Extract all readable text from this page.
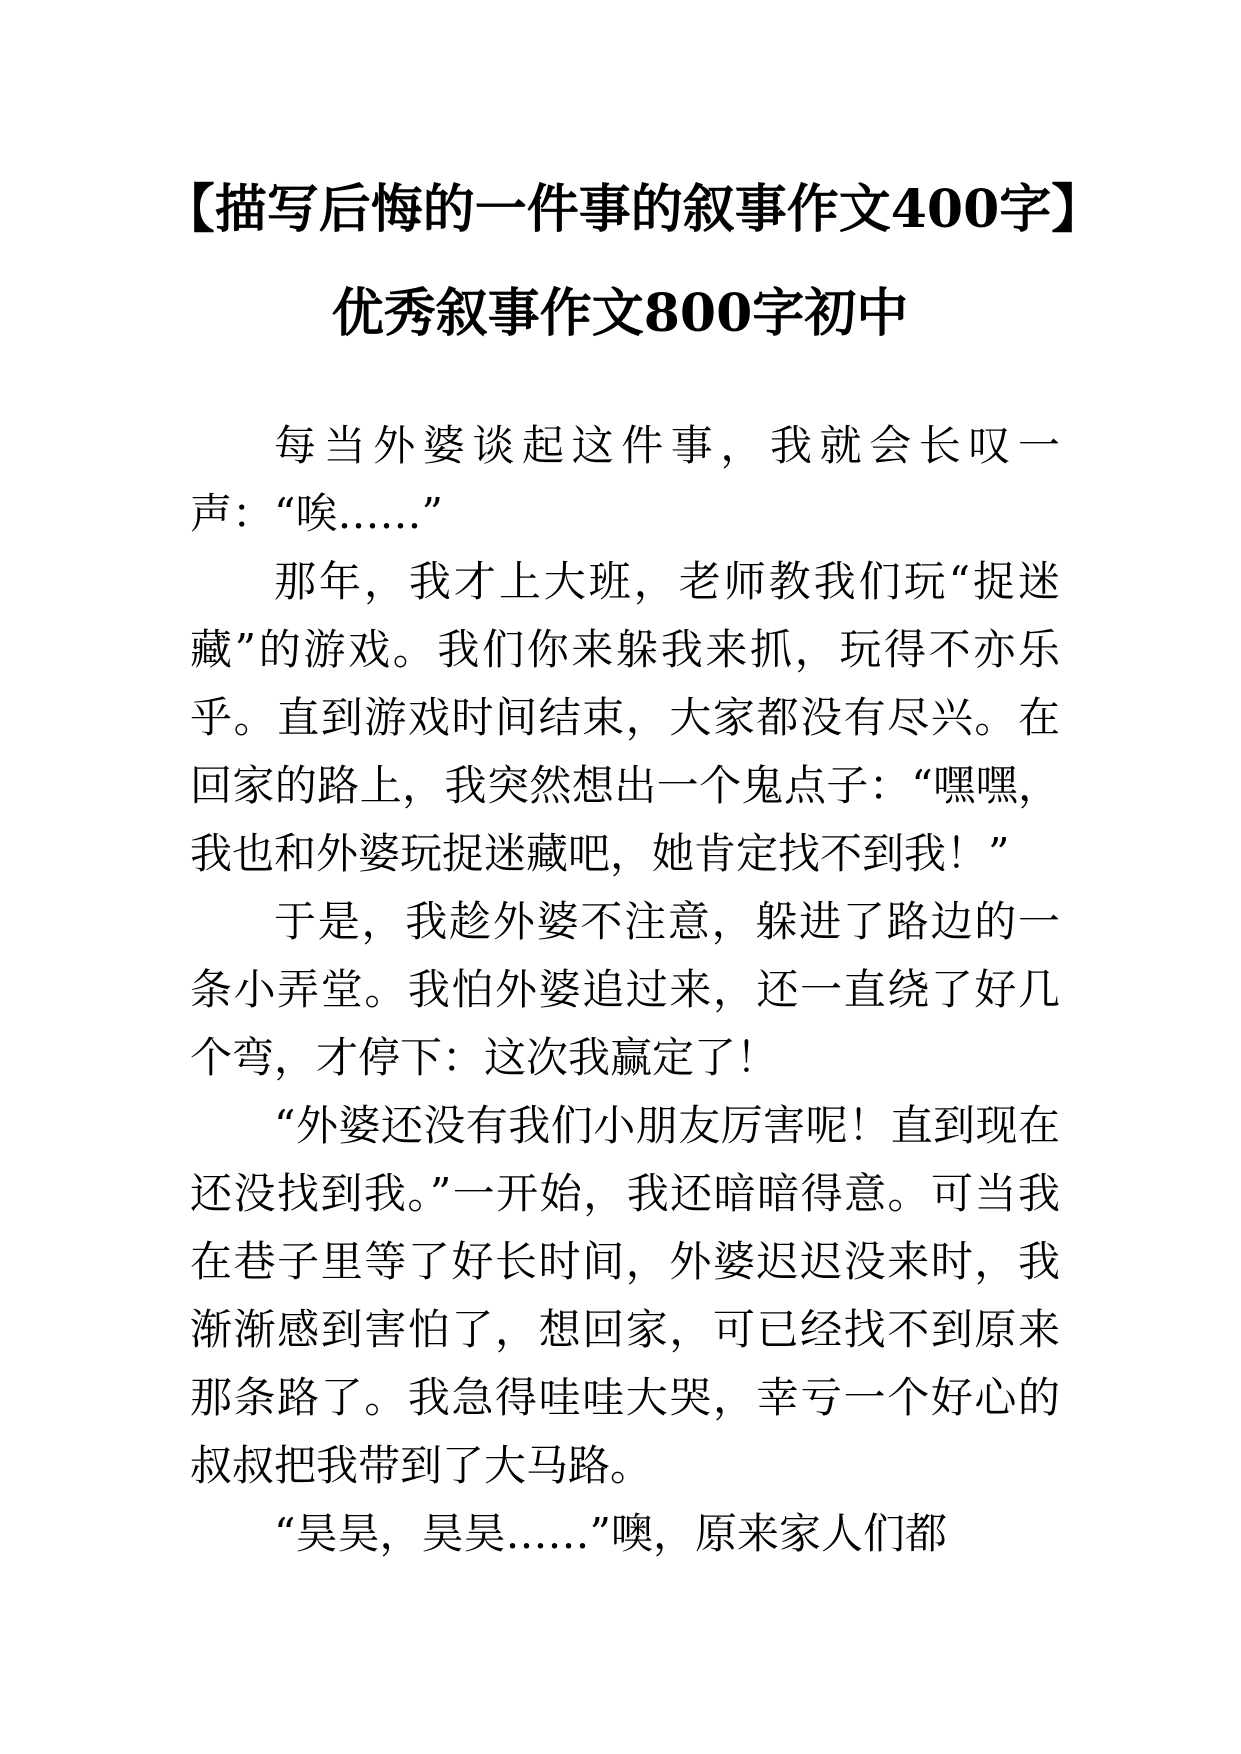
【描写后悔的一件事的叙事作文400字】优秀叙事作文800字初中

每当外婆谈起这件事，我就会长叹一声：“唉……”

那年，我才上大班，老师教我们玩“捉迷藏”的游戏。我们你来躲我来抓，玩得不亦乐乎。直到游戏时间结束，大家都没有尽兴。在回家的路上，我突然想出一个鬼点子：“嘿嘿，我也和外婆玩捉迷藏吧，她肯定找不到我！”

于是，我趁外婆不注意，躲进了路边的一条小弄堂。我怕外婆追过来，还一直绕了好几个弯，才停下：这次我赢定了！

“外婆还没有我们小朋友厉害呢！直到现在还没找到我。”一开始，我还暗暗得意。可当我在巷子里等了好长时间，外婆迟迟没来时，我渐渐感到害怕了，想回家，可已经找不到原来那条路了。我急得哇哇大哭，幸亏一个好心的叔叔把我带到了大马路。

“昊昊，昊昊……”噢，原来家人们都
